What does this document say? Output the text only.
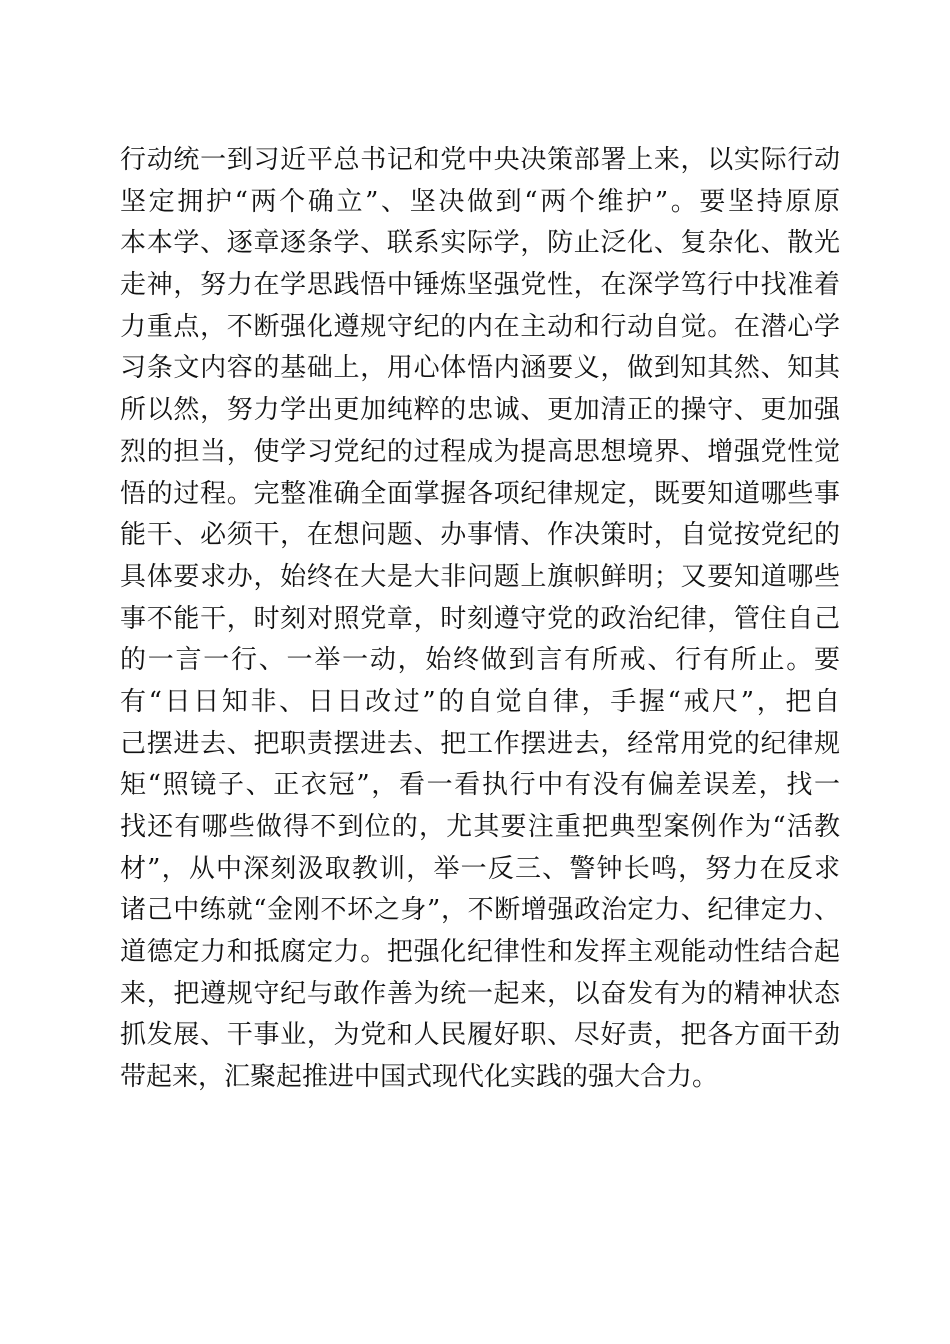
行动统一到习近平总书记和党中央决策部署上来，以实际行动
坚定拥护“两个确立”、坚决做到“两个维护”。要坚持原原
本本学、逐章逐条学、联系实际学，防止泛化、复杂化、散光
走神，努力在学思践悟中锤炼坚强党性，在深学笃行中找准着
力重点，不断强化遵规守纪的内在主动和行动自觉。在潜心学
习条文内容的基础上，用心体悟内涵要义，做到知其然、知其
所以然，努力学出更加纯粹的忠诚、更加清正的操守、更加强
烈的担当，使学习党纪的过程成为提高思想境界、增强党性觉
悟的过程。完整准确全面掌握各项纪律规定，既要知道哪些事
能干、必须干，在想问题、办事情、作决策时，自觉按党纪的
具体要求办，始终在大是大非问题上旗帜鲜明；又要知道哪些
事不能干，时刻对照党章，时刻遵守党的政治纪律，管住自己
的一言一行、一举一动，始终做到言有所戒、行有所止。要
有“日日知非、日日改过”的自觉自律，手握“戒尺”，把自
己摆进去、把职责摆进去、把工作摆进去，经常用党的纪律规
矩“照镜子、正衣冠”，看一看执行中有没有偏差误差，找一
找还有哪些做得不到位的，尤其要注重把典型案例作为“活教
材”，从中深刻汲取教训，举一反三、警钟长鸣，努力在反求
诸己中练就“金刚不坏之身”，不断增强政治定力、纪律定力、
道德定力和抵腐定力。把强化纪律性和发挥主观能动性结合起
来，把遵规守纪与敢作善为统一起来，以奋发有为的精神状态
抓发展、干事业，为党和人民履好职、尽好责，把各方面干劲
带起来，汇聚起推进中国式现代化实践的强大合力。
